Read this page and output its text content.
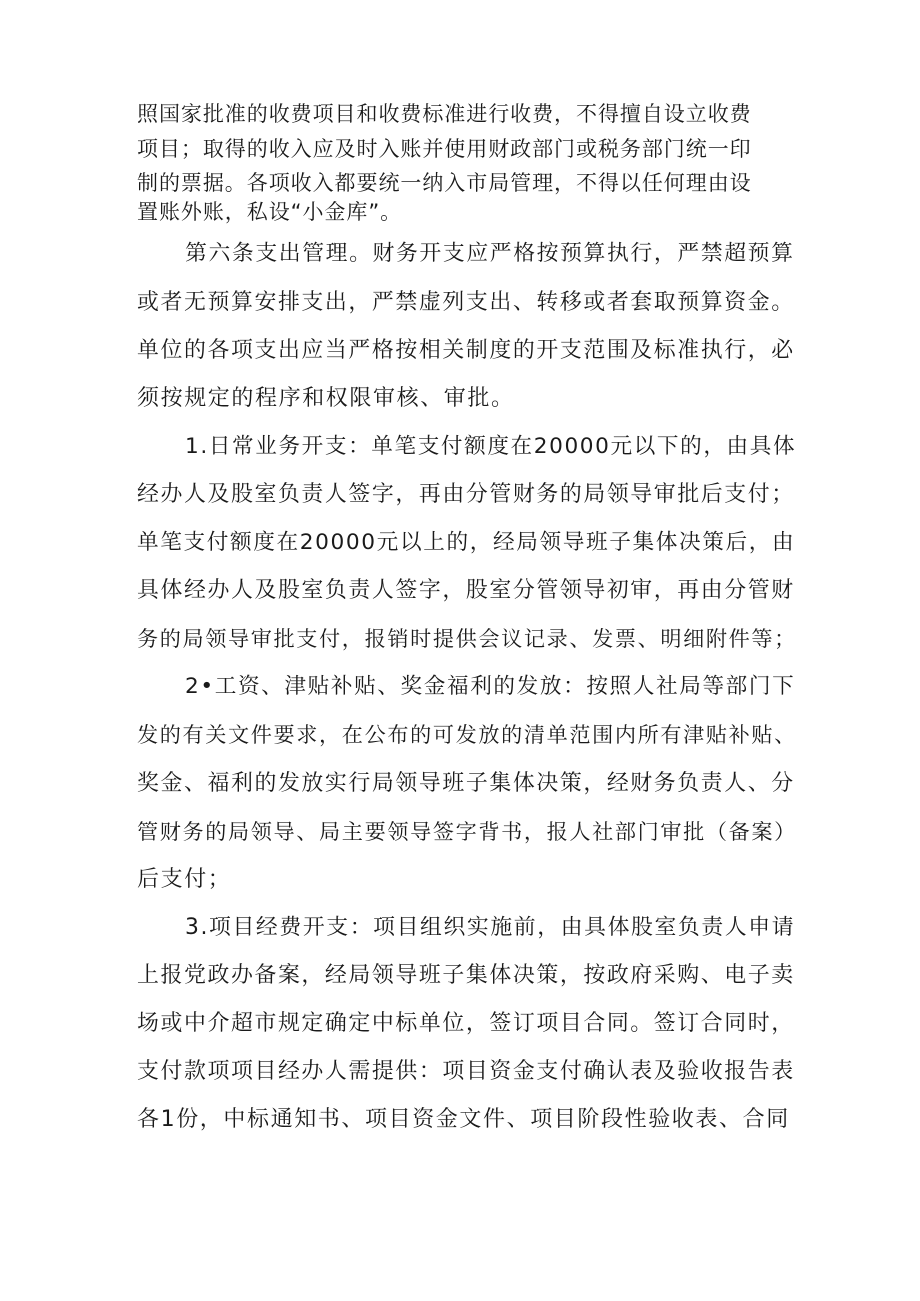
照国家批准的收费项目和收费标准进行收费，不得擅自设立收费
项目；取得的收入应及时入账并使用财政部门或税务部门统一印
制的票据。各项收入都要统一纳入市局管理，不得以任何理由设
置账外账，私设“小金库”。
第六条支出管理。财务开支应严格按预算执行，严禁超预算
或者无预算安排支出，严禁虚列支出、转移或者套取预算资金。
单位的各项支出应当严格按相关制度的开支范围及标准执行，必
须按规定的程序和权限审核、审批。
1.日常业务开支：单笔支付额度在20000元以下的，由具体
经办人及股室负责人签字，再由分管财务的局领导审批后支付；
单笔支付额度在20000元以上的，经局领导班子集体决策后，由
具体经办人及股室负责人签字，股室分管领导初审，再由分管财
务的局领导审批支付，报销时提供会议记录、发票、明细附件等；
2•工资、津贴补贴、奖金福利的发放：按照人社局等部门下
发的有关文件要求，在公布的可发放的清单范围内所有津贴补贴、
奖金、福利的发放实行局领导班子集体决策，经财务负责人、分
管财务的局领导、局主要领导签字背书，报人社部门审批（备案）
后支付；
3.项目经费开支：项目组织实施前，由具体股室负责人申请
上报党政办备案，经局领导班子集体决策，按政府采购、电子卖
场或中介超市规定确定中标单位，签订项目合同。签订合同时，
支付款项项目经办人需提供：项目资金支付确认表及验收报告表
各1份，中标通知书、项目资金文件、项目阶段性验收表、合同
